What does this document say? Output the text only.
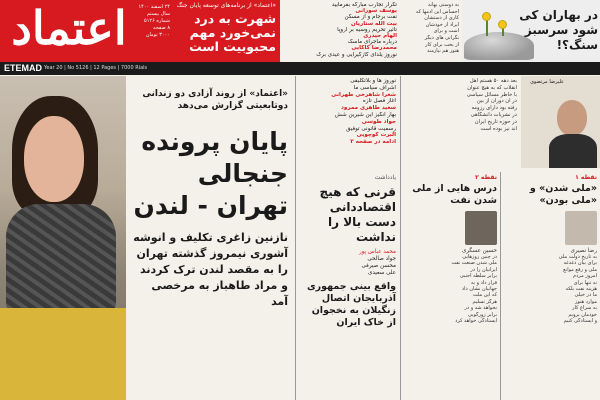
اعتماد	۲۴ اسفند ۱۴۰۰
سال بیستم
شماره ۵۱۲۶
۸ صفحه
۳۰۰۰ تومان
ETEMAD Year 20 | No 5126 | 12 Pages | 7000 Rials
«اعتماد» از برنامه‌های توسعه پایان جنگ
شهرت به درد نمی‌خورد مهم محبوبیت است
تکرار تجارب مبارکه بفرمایید
یوسف سورانی
نفت برجام و از مسکن
بیت الله ستاریان
تأثیر تحریم روسیه بر اروپا
الهام حیدری
درباره ماجرای ماسک
محمدرضا کاکایی
نوروز یلدای گازگیرایی و عیدی برگ
به دوستی بهانه
احساس این آدمها که
کاری از دستشان
ایراد از خودشان
است و برای
نگرانی های دیگر
از بخت برای کار
هنوز هم نیازمند
در بهاران کی شود سرسبز سنگ؟!
«اعتماد» از روند آزادی دو زندانی دوتابعیتی گزارش می‌دهد
پایان پرونده جنجالی تهران - لندن
نازنین زاغری تکلیف و انوشه آشوری نیمروز گذشته تهران را به مقصد لندن ترک کردند و مراد طاهباز به مرخصی آمد
نوروز ها و بلاتکلیفی
اشراف سیاسی ما
شعرا شاهرخی طهرانی
آغاز فصل تازه
سعید طاهری ممرود
بهار انگیز این شیرین شش
جواد طوسی
رسمیت قانونی توفیق
آلبرت کوچویی
ادامه در صفحه ۳
یادداشت
قرنی که هیچ اقتصاددانی دست بالا را نداشت
محمد عباس پور
جواد صالحی
محسن صیرفی
علی سعیدی
واقع بینی جمهوری آذربایجان اتصال زنگیلان به نخجوان از خاک ایران
بعد دهه ۵۰ هستم اهل
انقلاب که به هیچ عنوان
با خاطر مسائل سیاسی
در آن دوران از بین
رفته بود دارای رزومه
در نشریات دانشگاهی
در حوزه تاریخ ایران
اند نیز بوده است
علیرضا مرتضوی
نقطه ۲
درس هایی از ملی شدن نفت
حسین عسگری
در چنین روزهایی
ملی شدن صنعت نفت
ایرانیان را در
برابر سلطه اجنبی
قرار داد و به
جهانیان نشان داد
که این ملت
هرگز تسلیم
نخواهد شد و در
برابر زورگویی
ایستادگی خواهد کرد
نقطه ۱
«ملی شدن» و «ملی بودن»
رضا نصیری
به تاریخ دولت ملی
برای بیان دغدغه
ملی و رفع موانع
امروز مردم
نه تنها برای
هزینه نفت بلکه
ما در خیلی
موارد هنوز
به سراغ کار
خودمان برویم
و ایستادگی کنیم
